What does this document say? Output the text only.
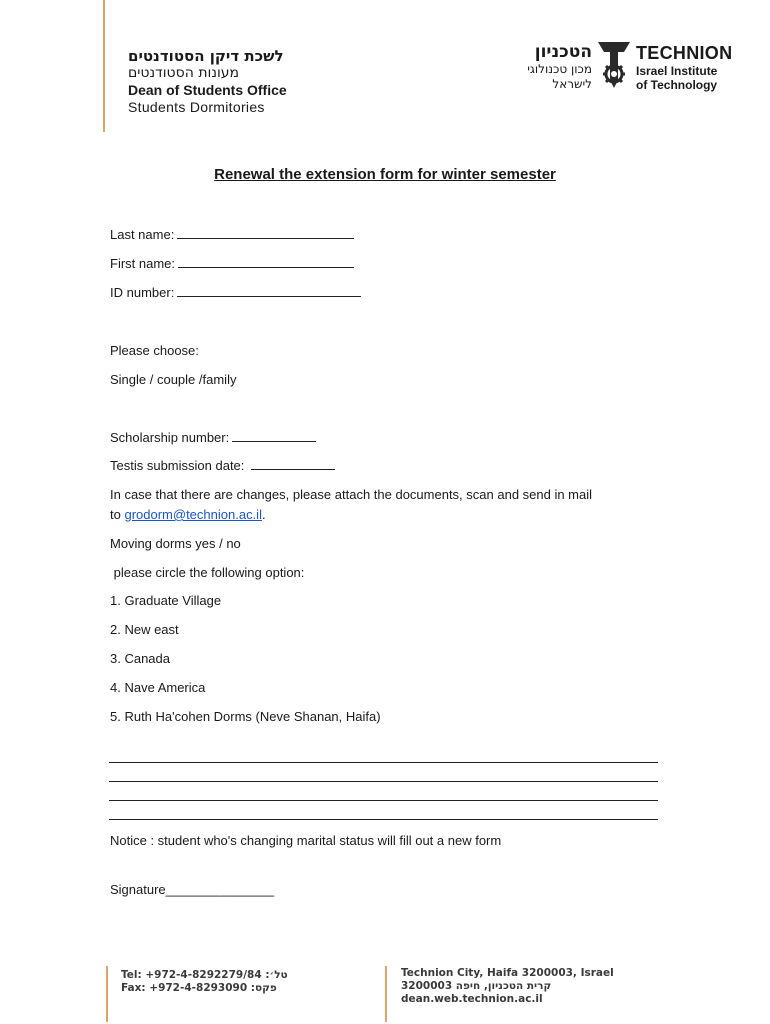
לשכת דיקן הסטודנטים
מעונות הסטודנטים
Dean of Students Office
Students Dormitories
הטכניון
מכון טכנולוגי
לישראל
TECHNION
Israel Institute
of Technology
Renewal the extension form for winter semester
Last name:
First name:
ID number:
Please choose:
Single / couple /family
Scholarship number:
Testis submission date:
In case that there are changes, please attach the documents, scan and send in mail
to grodorm@technion.ac.il.
Moving dorms yes / no
please circle the following option:
1. Graduate Village
2. New east
3. Canada
4. Nave America
5. Ruth Ha'cohen Dorms (Neve Shanan, Haifa)
Notice : student who's changing marital status will fill out a new form
Signature_______________
Tel: +972-4-8292279/84 :טל׳
Fax: +972-4-8293090 :פקס
Technion City, Haifa 3200003, Israel
קרית הטכניון, חיפה 3200003
dean.web.technion.ac.il
